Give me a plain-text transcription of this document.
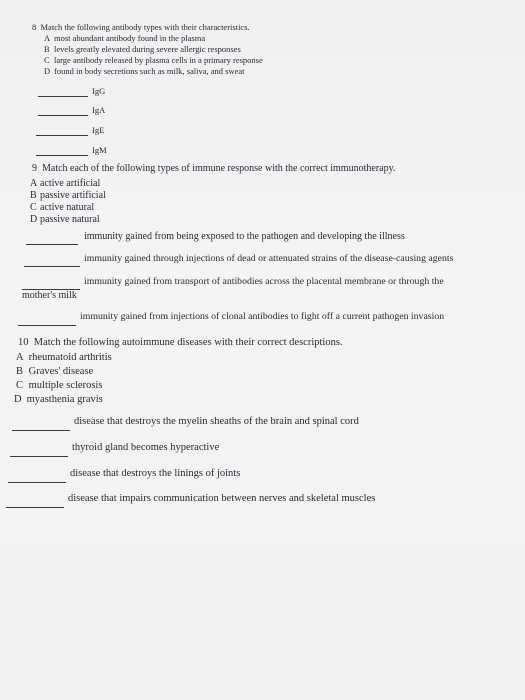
8 Match the following antibody types with their characteristics.
A most abundant antibody found in the plasma
B levels greatly elevated during severe allergic responses
C large antibody released by plasma cells in a primary response
D found in body secretions such as milk, saliva, and sweat
IgG
IgA
IgE
IgM
9 Match each of the following types of immune response with the correct immunotherapy.
A active artificial
B passive artificial
C active natural
D passive natural
immunity gained from being exposed to the pathogen and developing the illness
immunity gained through injections of dead or attenuated strains of the disease-causing agents
immunity gained from transport of antibodies across the placental membrane or through the
mother's milk
immunity gained from injections of clonal antibodies to fight off a current pathogen invasion
10 Match the following autoimmune diseases with their correct descriptions.
A rheumatoid arthritis
B Graves' disease
C multiple sclerosis
D myasthenia gravis
disease that destroys the myelin sheaths of the brain and spinal cord
thyroid gland becomes hyperactive
disease that destroys the linings of joints
disease that impairs communication between nerves and skeletal muscles
